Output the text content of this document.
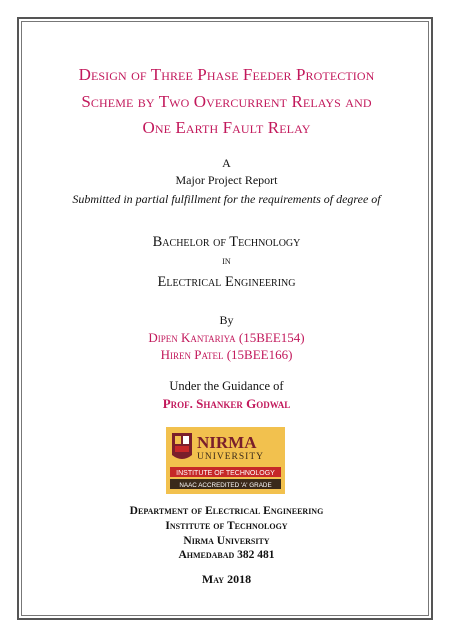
Design of Three Phase Feeder Protection
Scheme by Two Overcurrent Relays and
One Earth Fault Relay
A
Major Project Report
Submitted in partial fulfillment for the requirements of degree of
Bachelor of Technology
in
Electrical Engineering
By
Dipen Kantariya (15BEE154)
Hiren Patel (15BEE166)
Under the Guidance of
Prof. Shanker Godwal
NIRMA
UNIVERSITY
INSTITUTE OF TECHNOLOGY
NAAC ACCREDITED 'A' GRADE
Department of Electrical Engineering
Institute of Technology
Nirma University
Ahmedabad 382 481
May 2018
